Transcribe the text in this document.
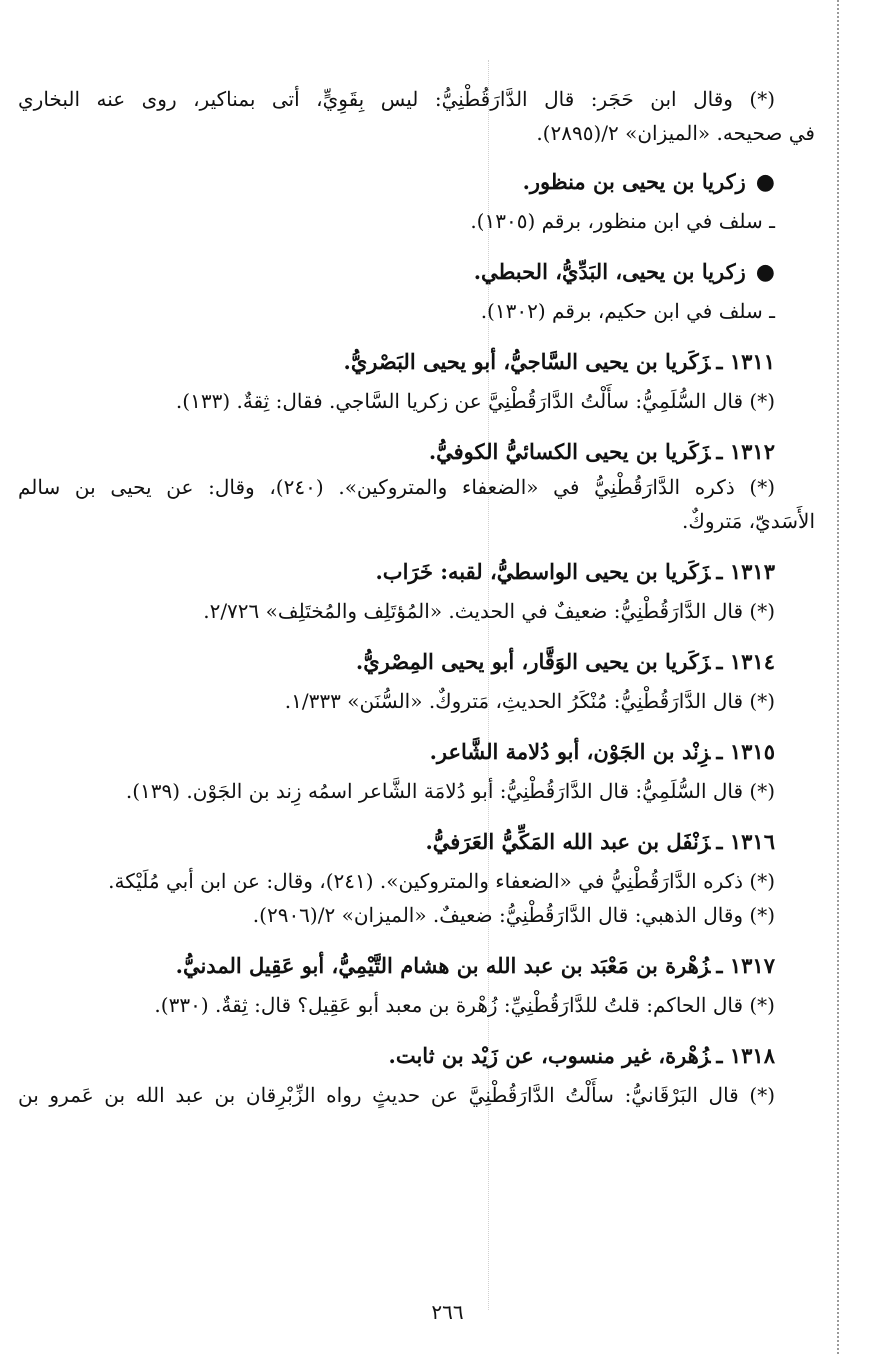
(*) وقال ابن حَجَر: قال الدَّارَقُطْنِيُّ: ليس بِقَوِيٍّ، أتى بمناكير، روى عنه البخاري
في صحيحه. «الميزان» ٢/(٢٨٩٥).
●زكريا بن يحيى بن منظور.
ـ سلف في ابن منظور، برقم (١٣٠٥).
●زكريا بن يحيى، البَدِّيُّ، الحبطي.
ـ سلف في ابن حكيم، برقم (١٣٠٢).
١٣١١ ـزَكَريا بن يحيى السَّاجيُّ، أبو يحيى البَصْريُّ.
(*) قال السُّلَمِيُّ: سأَلْتُ الدَّارَقُطْنِيَّ عن زكريا السَّاجي. فقال: ثِقةٌ. (١٣٣).
١٣١٢ ـزَكَريا بن يحيى الكسائيُّ الكوفيُّ.
(*) ذكره الدَّارَقُطْنِيُّ في «الضعفاء والمتروكين». (٢٤٠)، وقال: عن يحيى بن سالم
الأَسَديّ، مَتروكٌ.
١٣١٣ ـزَكَريا بن يحيى الواسطيُّ، لقبه: خَرَاب.
(*) قال الدَّارَقُطْنِيُّ: ضعيفٌ في الحديث. «المُؤتَلِف والمُختَلِف» ٢/٧٢٦.
١٣١٤ ـزَكَريا بن يحيى الوَقَّار، أبو يحيى المِصْريُّ.
(*) قال الدَّارَقُطْنِيُّ: مُنْكَرُ الحديثِ، مَتروكٌ. «السُّنَن» ١/٣٣٣.
١٣١٥ ـزِنْد بن الجَوْن، أبو دُلامة الشَّاعر.
(*) قال السُّلَمِيُّ: قال الدَّارَقُطْنِيُّ: أبو دُلامَة الشَّاعر اسمُه زِند بن الجَوْن. (١٣٩).
١٣١٦ ـزَنْفَل بن عبد الله المَكِّيُّ العَرَفيُّ.
(*) ذكره الدَّارَقُطْنِيُّ في «الضعفاء والمتروكين». (٢٤١)، وقال: عن ابن أبي مُلَيْكة.
(*) وقال الذهبي: قال الدَّارَقُطْنِيُّ: ضعيفٌ. «الميزان» ٢/(٢٩٠٦).
١٣١٧ ـزُهْرة بن مَعْبَد بن عبد الله بن هشام التَّيْمِيُّ، أبو عَقِيل المدنيُّ.
(*) قال الحاكم: قلتُ للدَّارَقُطْنِيِّ: زُهْرة بن معبد أبو عَقِيل؟ قال: ثِقةٌ. (٣٣٠).
١٣١٨ ـزُهْرة، غير منسوب، عن زَيْد بن ثابت.
(*) قال البَرْقَانيُّ: سأَلْتُ الدَّارَقُطْنِيَّ عن حديثٍ رواه الزِّبْرِقان بن عبد الله بن عَمرو بن
٢٦٦
